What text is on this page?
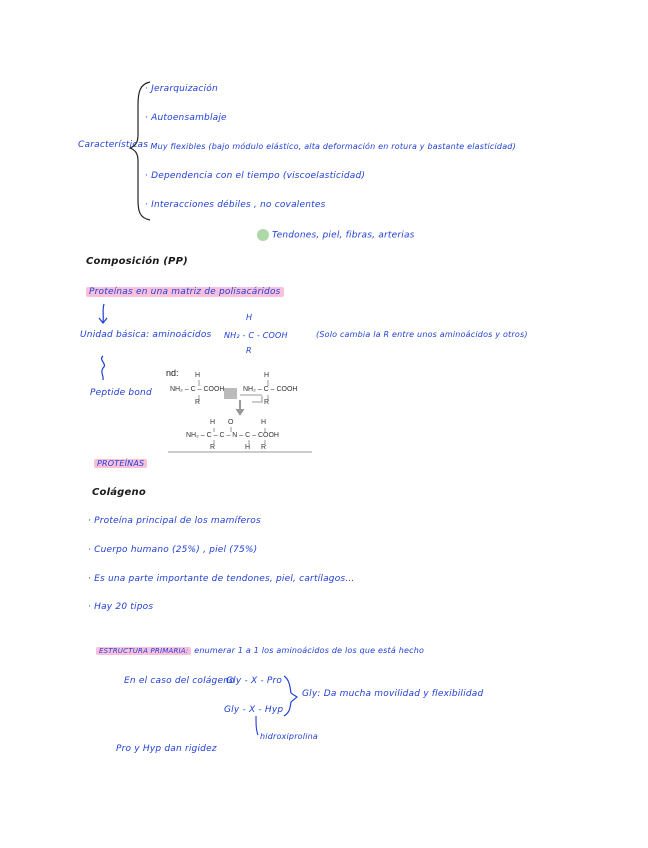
Características
· Jerarquización
· Autoensamblaje
· Muy flexibles (bajo módulo elástico, alta deformación en rotura y bastante elasticidad)
· Dependencia con el tiempo (viscoelasticidad)
· Interacciones débiles , no covalentes
Tendones, piel, fibras, arterias
Composición (PP)
Proteínas en una matriz de polisacáridos
Unidad básica: aminoácidos
H
NH₂ - C - COOH
R
(Solo cambia la R entre unos aminoácidos y otros)
Peptide bond
nd: H	H
NH₂ – C – COOH	NH₂ – C – COOH
R	R
H O	H
NH₂ – C – C – N – C – COOH
R	H R
PROTEÍNAS
Colágeno
· Proteína principal de los mamíferos
· Cuerpo humano (25%) , piel (75%)
· Es una parte importante de tendones, piel, cartílagos...
· Hay 20 tipos
ESTRUCTURA PRIMARIA: enumerar 1 a 1 los aminoácidos de los que está hecho
En el caso del colágeno
Gly - X - Pro
Gly - X - Hyp
Gly: Da mucha movilidad y flexibilidad
hidroxiprolina
Pro y Hyp dan rigidez
